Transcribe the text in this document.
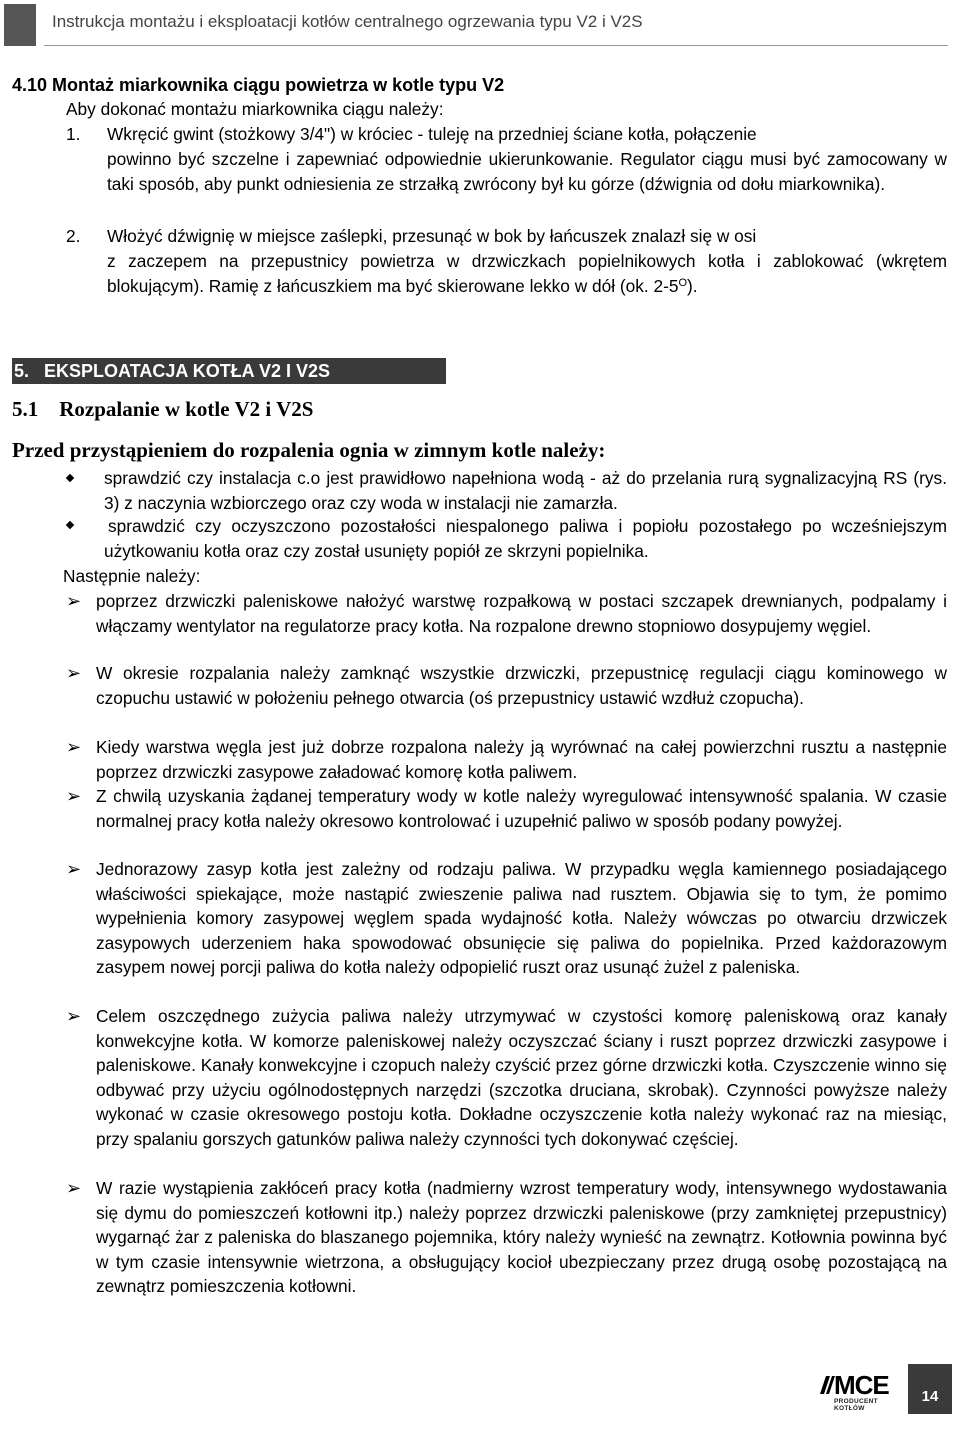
Instrukcja montażu i eksploatacji kotłów centralnego ogrzewania typu V2 i V2S
4.10 Montaż miarkownika ciągu powietrza w kotle typu V2
Aby dokonać montażu miarkownika ciągu należy:
1. Wkręcić gwint (stożkowy 3/4") w króciec - tuleję na przedniej ściane kotła, połączenie
powinno być szczelne i zapewniać odpowiednie ukierunkowanie. Regulator ciągu musi być zamocowany w taki sposób, aby punkt odniesienia ze strzałką zwrócony był ku górze (dźwignia od dołu miarkownika).
2. Włożyć dźwignię w miejsce zaślepki, przesunąć w bok by łańcuszek znalazł się w osi
z zaczepem na przepustnicy powietrza w drzwiczkach popielnikowych kotła i zablokować (wkrętem blokującym). Ramię z łańcuszkiem ma być skierowane lekko w dół (ok. $2-5^O$).
5.   EKSPLOATACJA KOTŁA V2 I V2S
5.1    Rozpalanie w kotle V2 i V2S
Przed przystąpieniem do rozpalenia ognia w zimnym kotle należy:
sprawdzić czy instalacja c.o jest prawidłowo napełniona wodą - aż do przelania rurą sygnalizacyjną RS (rys. 3) z naczynia wzbiorczego oraz czy woda w instalacji nie zamarzła.
sprawdzić czy oczyszczono pozostałości niespalonego paliwa i popiołu pozostałego po wcześniejszym użytkowaniu kotła oraz czy został usunięty popiół ze skrzyni popielnika.
Następnie należy:
➢ poprzez drzwiczki paleniskowe nałożyć warstwę rozpałkową w postaci szczapek drewnianych, podpalamy i włączamy wentylator na regulatorze pracy kotła. Na rozpalone drewno stopniowo dosypujemy węgiel.
➢ W okresie rozpalania należy zamknąć wszystkie drzwiczki, przepustnicę regulacji ciągu kominowego w czopuchu ustawić w położeniu pełnego otwarcia (oś przepustnicy ustawić wzdłuż czopucha).
➢ Kiedy warstwa węgla jest już dobrze rozpalona należy ją wyrównać na całej powierzchni rusztu a następnie poprzez drzwiczki zasypowe załadować komorę kotła paliwem.
➢ Z chwilą uzyskania żądanej temperatury wody w kotle należy wyregulować intensywność spalania. W czasie normalnej pracy kotła należy okresowo kontrolować i uzupełnić paliwo w sposób podany powyżej.
➢ Jednorazowy zasyp kotła jest zależny od rodzaju paliwa. W przypadku węgla kamiennego posiadającego właściwości spiekające, może nastąpić zwieszenie paliwa nad rusztem. Objawia się to tym, że pomimo wypełnienia komory zasypowej węglem spada wydajność kotła. Należy wówczas po otwarciu drzwiczek zasypowych uderzeniem haka spowodować obsunięcie się paliwa do popielnika. Przed każdorazowym zasypem nowej porcji paliwa do kotła należy odpopielić ruszt oraz usunąć żużel z paleniska.
➢ Celem oszczędnego zużycia paliwa należy utrzymywać w czystości komorę paleniskową oraz kanały konwekcyjne kotła. W komorze paleniskowej należy oczyszczać ściany i ruszt poprzez drzwiczki zasypowe i paleniskowe. Kanały konwekcyjne i czopuch należy czyścić przez górne drzwiczki kotła. Czyszczenie winno się odbywać przy użyciu ogólnodostępnych narzędzi (szczotka druciana, skrobak). Czynności powyższe należy wykonać w czasie okresowego postoju kotła. Dokładne oczyszczenie kotła należy wykonać raz na miesiąc, przy spalaniu gorszych gatunków paliwa należy czynności tych dokonywać częściej.
➢ W razie wystąpienia zakłóceń pracy kotła (nadmierny wzrost temperatury wody, intensywnego wydostawania się dymu do pomieszczeń kotłowni itp.) należy poprzez drzwiczki paleniskowe (przy zamkniętej przepustnicy) wygarnąć żar z paleniska do blaszanego pojemnika, który należy wynieść na zewnątrz. Kotłownia powinna być w tym czasie intensywnie wietrzona, a obsługujący kocioł ubezpieczany przez drugą osobę pozostającą na zewnątrz pomieszczenia kotłowni.
MCE
PRODUCENT KOTŁÓW
14
